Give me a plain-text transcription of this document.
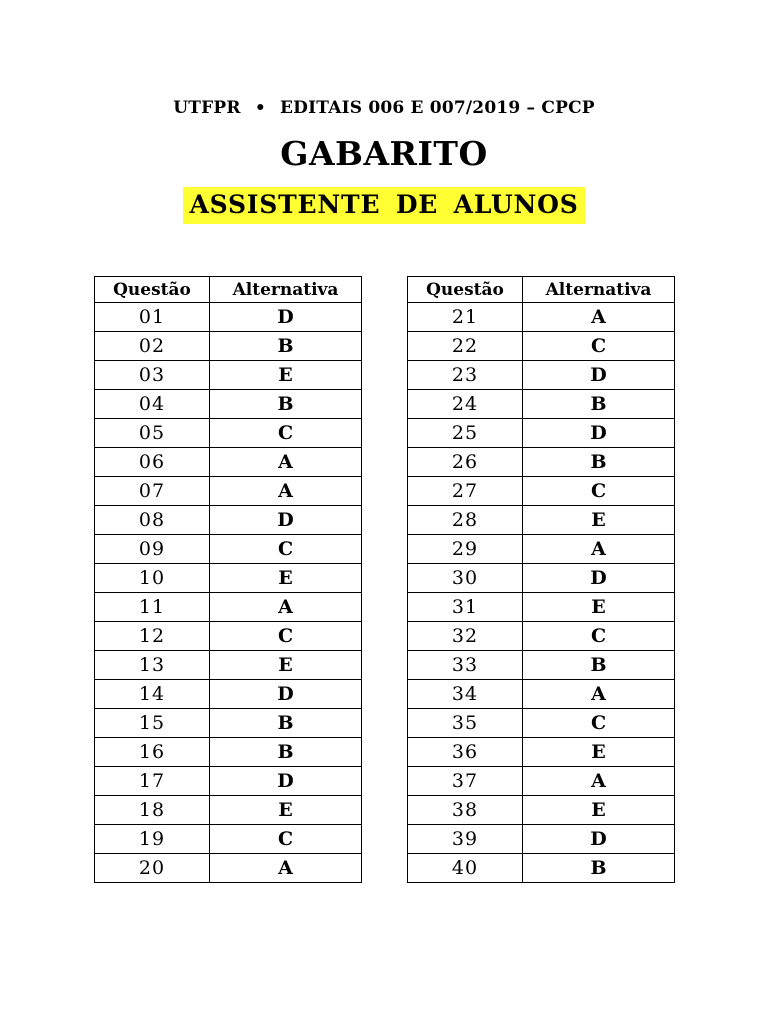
UTFPR • EDITAIS 006 E 007/2019 – CPCP
GABARITO
ASSISTENTE DE ALUNOS
Questão	Alternativa
01	D
02	B
03	E
04	B
05	C
06	A
07	A
08	D
09	C
10	E
11	A
12	C
13	E
14	D
15	B
16	B
17	D
18	E
19	C
20	A
Questão	Alternativa
21	A
22	C
23	D
24	B
25	D
26	B
27	C
28	E
29	A
30	D
31	E
32	C
33	B
34	A
35	C
36	E
37	A
38	E
39	D
40	B
